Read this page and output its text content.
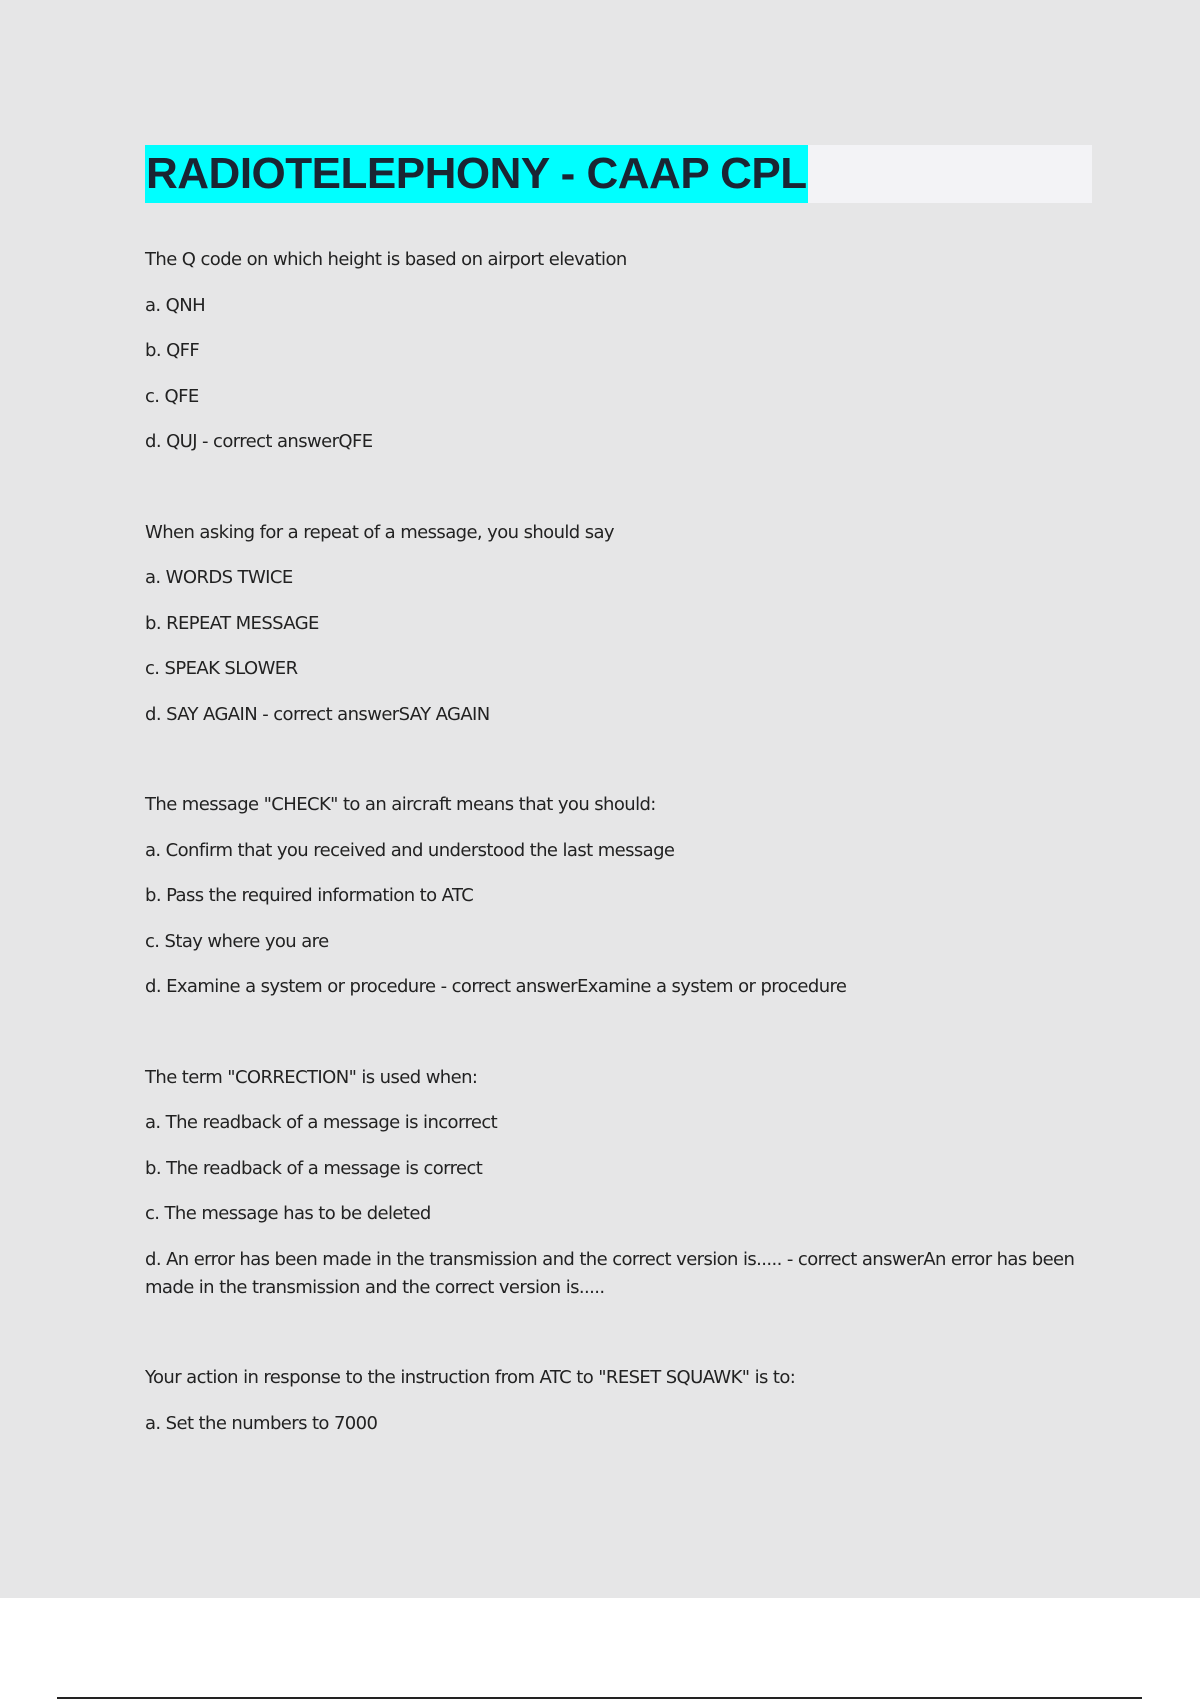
RADIOTELEPHONY - CAAP CPL
The Q code on which height is based on airport elevation
a. QNH
b. QFF
c. QFE
d. QUJ - correct answerQFE
When asking for a repeat of a message, you should say
a. WORDS TWICE
b. REPEAT MESSAGE
c. SPEAK SLOWER
d. SAY AGAIN - correct answerSAY AGAIN
The message "CHECK" to an aircraft means that you should:
a. Confirm that you received and understood the last message
b. Pass the required information to ATC
c. Stay where you are
d. Examine a system or procedure - correct answerExamine a system or procedure
The term "CORRECTION" is used when:
a. The readback of a message is incorrect
b. The readback of a message is correct
c. The message has to be deleted
d. An error has been made in the transmission and the correct version is..... - correct answerAn error has been made in the transmission and the correct version is.....
Your action in response to the instruction from ATC to "RESET SQUAWK" is to:
a. Set the numbers to 7000
